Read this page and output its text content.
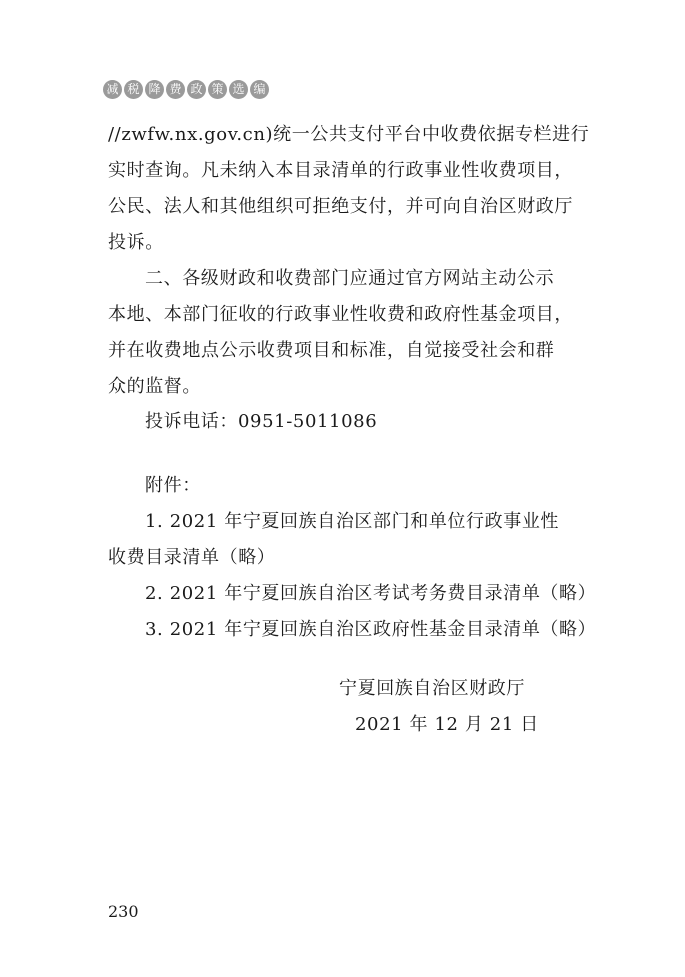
减 税 降 费 政 策 选 编
//zwfw.nx.gov.cn)统一公共支付平台中收费依据专栏进行
实时查询。凡未纳入本目录清单的行政事业性收费项目，
公民、法人和其他组织可拒绝支付，并可向自治区财政厅
投诉。
二、各级财政和收费部门应通过官方网站主动公示
本地、本部门征收的行政事业性收费和政府性基金项目，
并在收费地点公示收费项目和标准，自觉接受社会和群
众的监督。
投诉电话：0951-5011086
附件：
1. 2021 年宁夏回族自治区部门和单位行政事业性
收费目录清单（略）
2. 2021 年宁夏回族自治区考试考务费目录清单（略）
3. 2021 年宁夏回族自治区政府性基金目录清单（略）
宁夏回族自治区财政厅
2021 年 12 月 21 日
230
